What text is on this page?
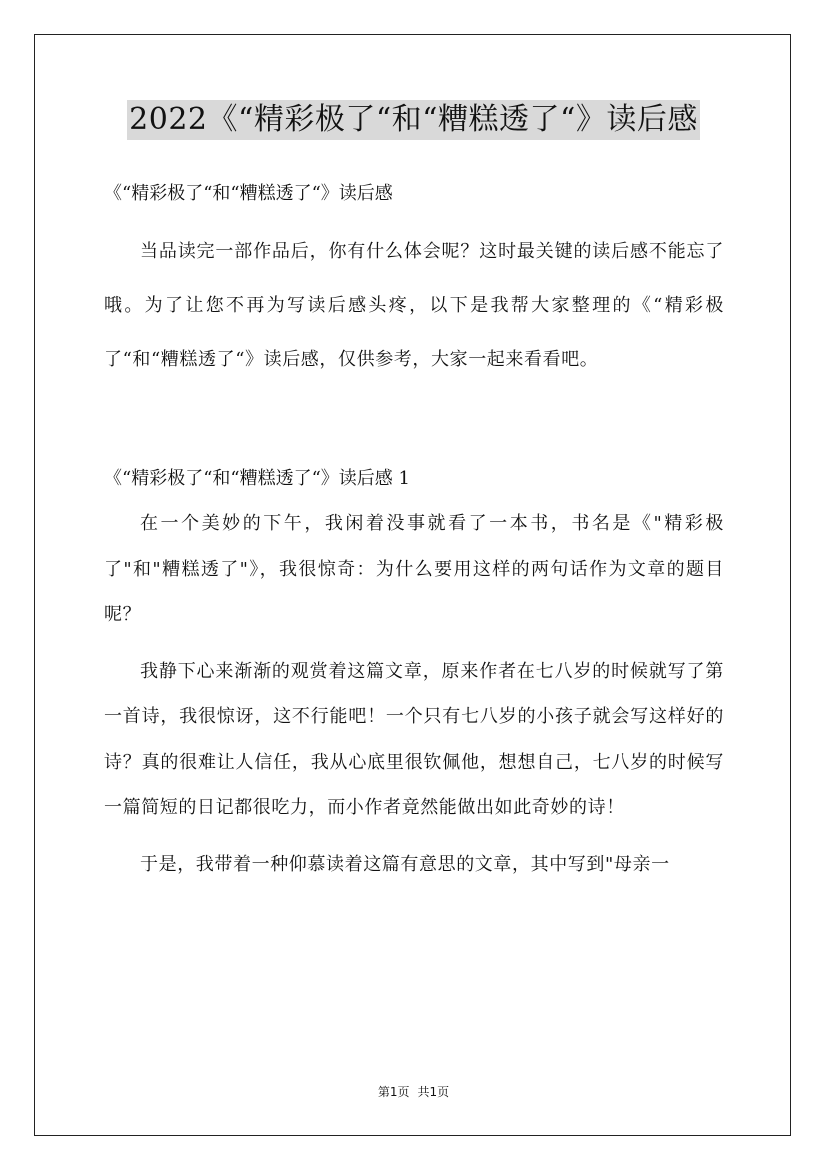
2022《“精彩极了“和“糟糕透了“》读后感

《“精彩极了“和“糟糕透了“》读后感

当品读完一部作品后，你有什么体会呢？这时最关键的读后感不能忘了哦。为了让您不再为写读后感头疼，以下是我帮大家整理的《“精彩极了“和“糟糕透了“》读后感，仅供参考，大家一起来看看吧。

《“精彩极了“和“糟糕透了“》读后感 1

在一个美妙的下午，我闲着没事就看了一本书，书名是《"精彩极了"和"糟糕透了"》，我很惊奇：为什么要用这样的两句话作为文章的题目呢？

我静下心来渐渐的观赏着这篇文章，原来作者在七八岁的时候就写了第一首诗，我很惊讶，这不行能吧！一个只有七八岁的小孩子就会写这样好的诗？真的很难让人信任，我从心底里很钦佩他，想想自己，七八岁的时候写一篇简短的日记都很吃力，而小作者竟然能做出如此奇妙的诗！

于是，我带着一种仰慕读着这篇有意思的文章，其中写到"母亲一

第1页 共1页
